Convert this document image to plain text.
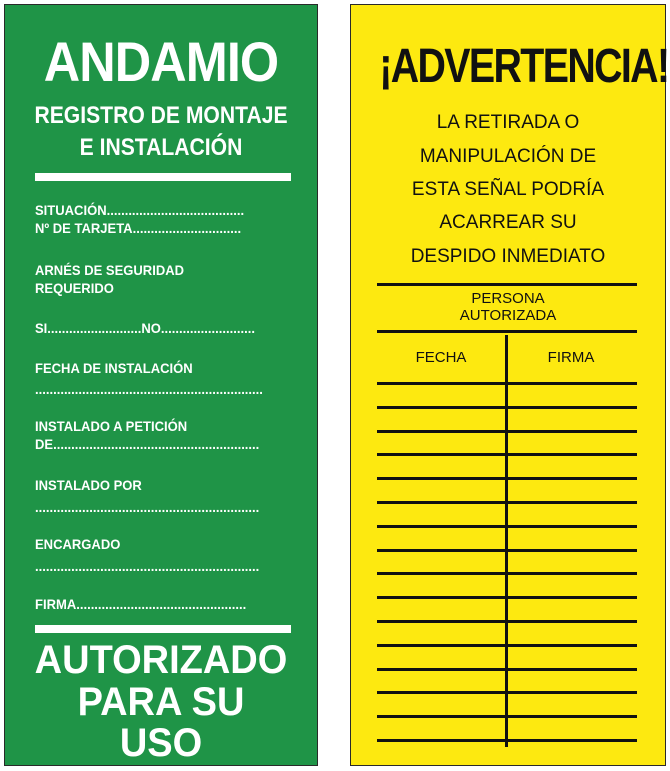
ANDAMIO
REGISTRO DE MONTAJE
E INSTALACIÓN
SITUACIÓN......................................
Nº DE TARJETA..............................
ARNÉS DE SEGURIDAD
REQUERIDO
SI..........................NO..........................
FECHA DE INSTALACIÓN
...............................................................
INSTALADO A PETICIÓN
DE.........................................................
INSTALADO POR
..............................................................
ENCARGADO
..............................................................
FIRMA...............................................
AUTORIZADO
PARA SU
USO
¡ADVERTENCIA!
LA RETIRADA O
MANIPULACIÓN DE
ESTA SEÑAL PODRÍA
ACARREAR SU
DESPIDO INMEDIATO
PERSONA
AUTORIZADA
FECHA	FIRMA
